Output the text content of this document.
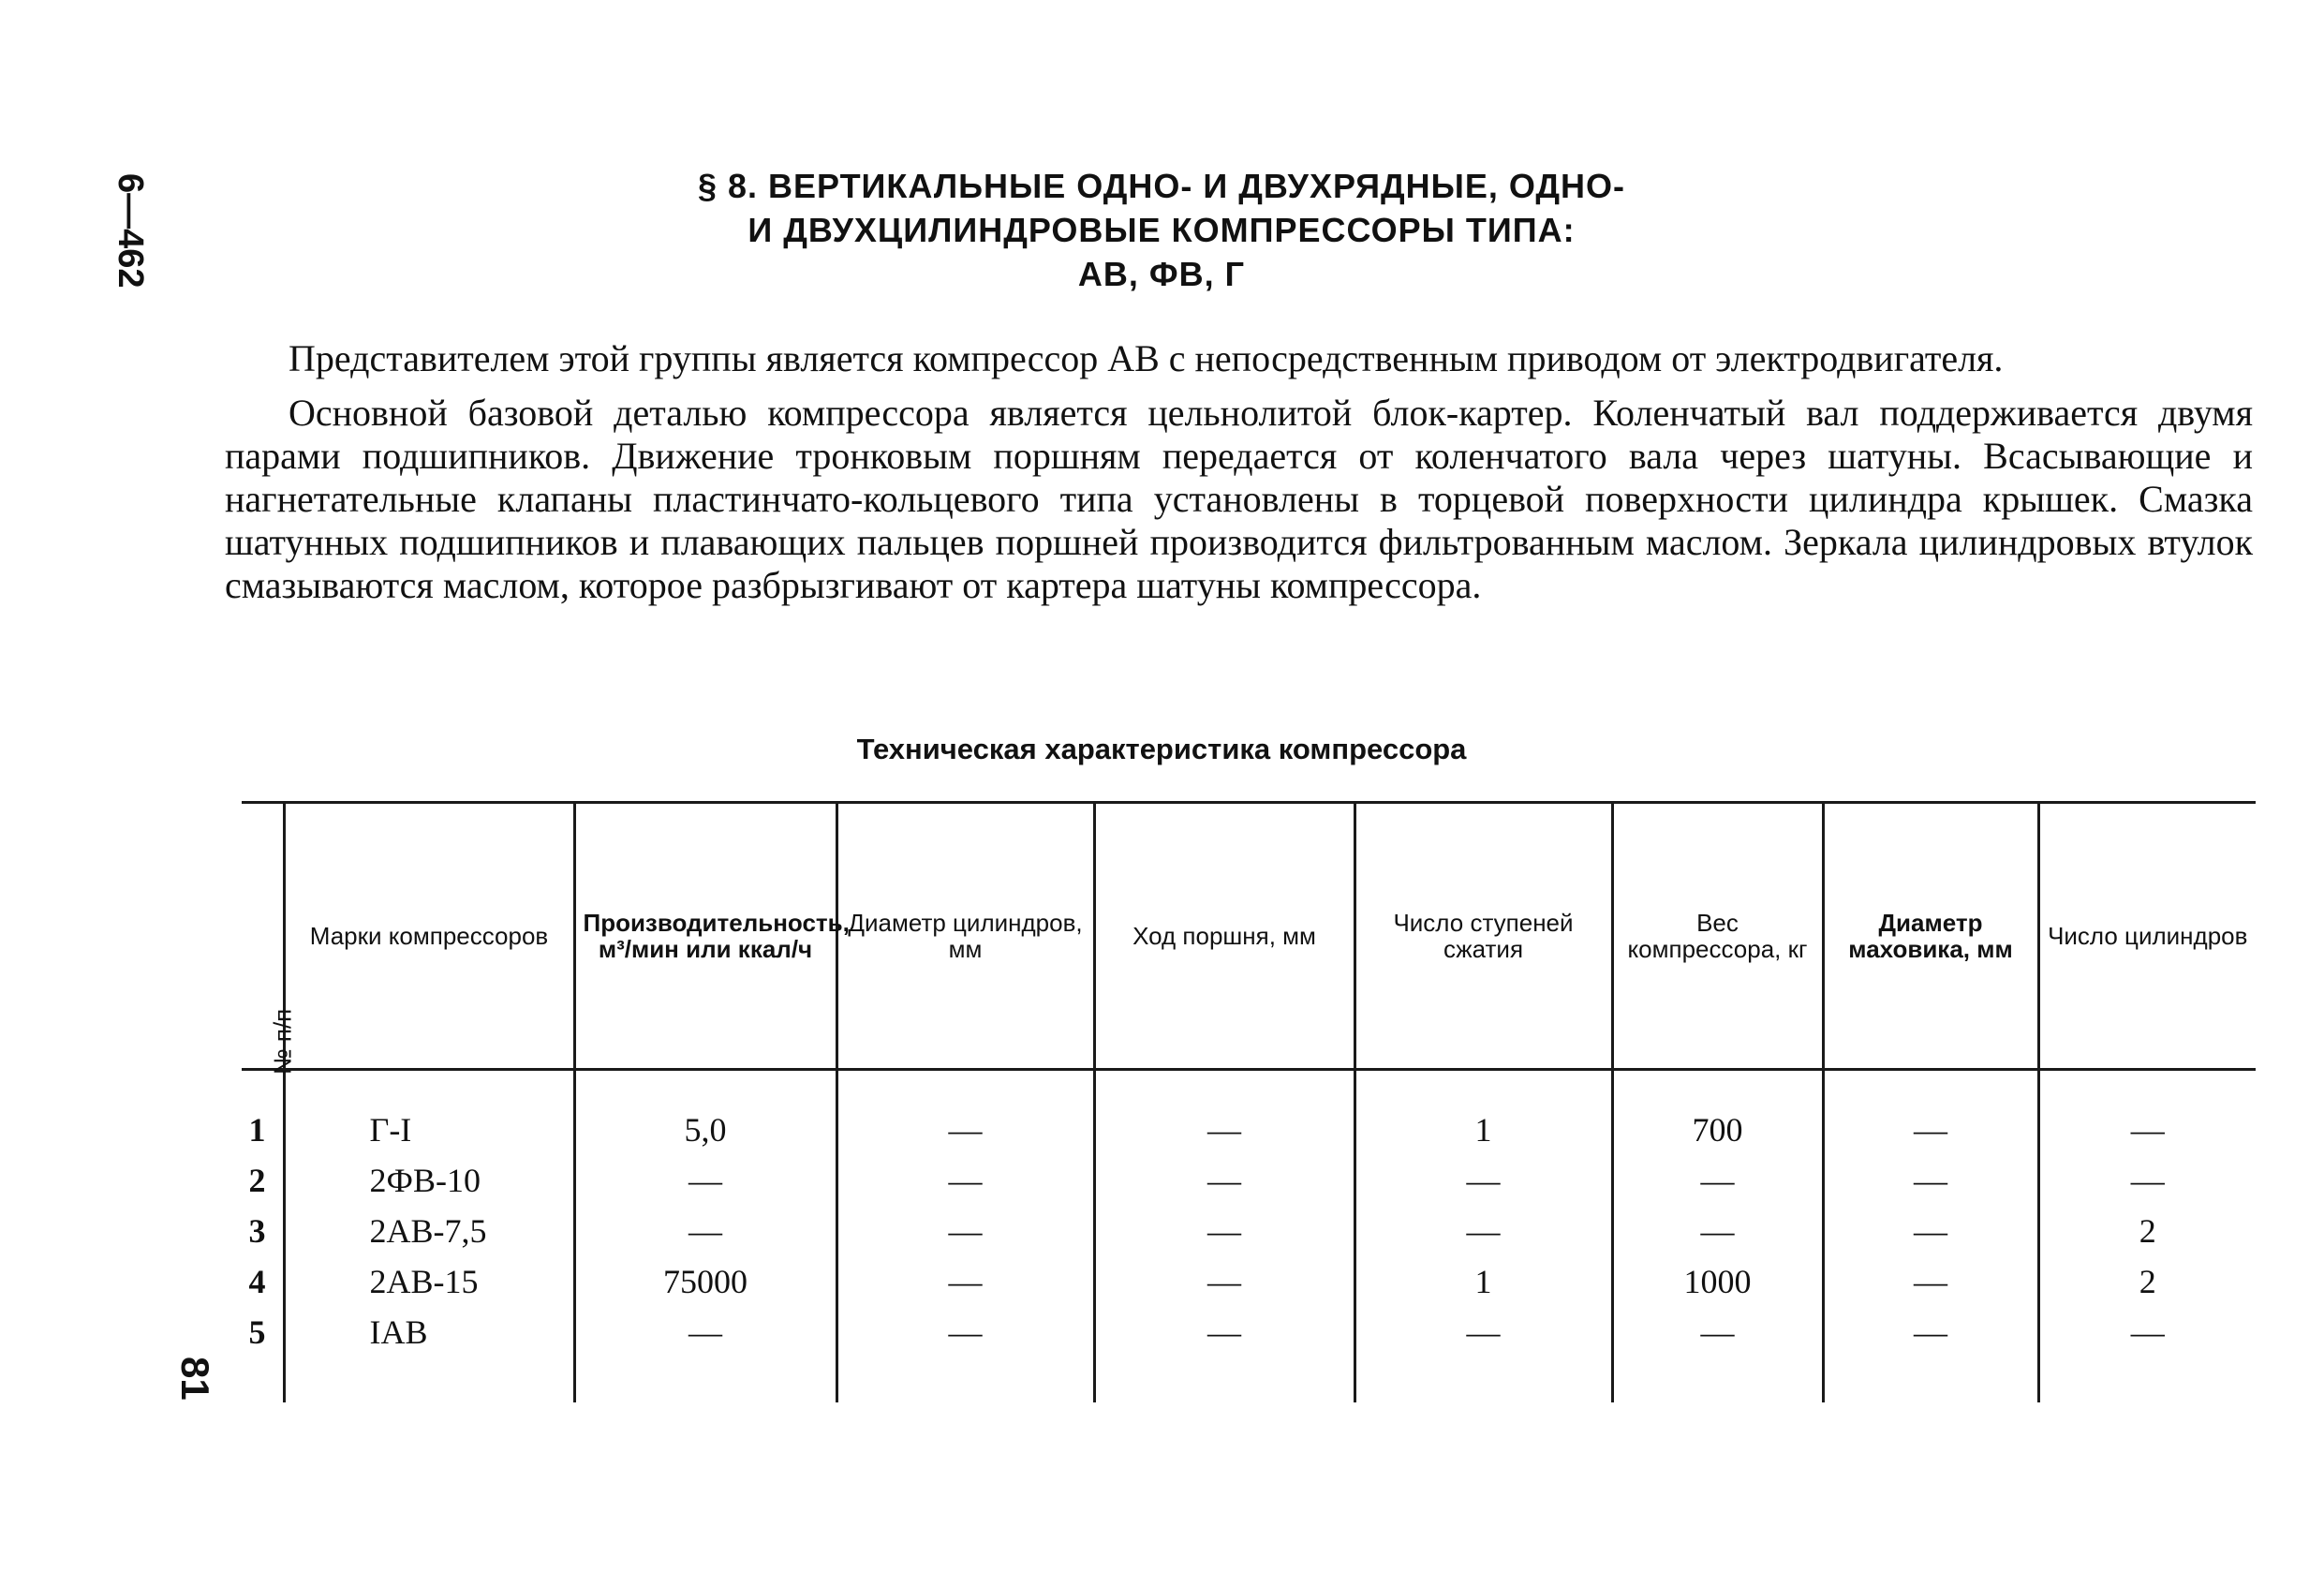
6—462	§ 8. ВЕРТИКАЛЬНЫЕ ОДНО- И ДВУХРЯДНЫЕ, ОДНО-
И ДВУХЦИЛИНДРОВЫЕ КОМПРЕССОРЫ ТИПА:
АВ, ФВ, Г

Представителем этой группы является компрессор АВ с непосредственным приводом от электродвигателя.

Основной базовой деталью компрессора является цельнолитой блок-картер. Коленчатый вал поддерживается двумя парами подшипников. Движение тронковым поршням передается от коленчатого вала через шатуны. Всасывающие и нагнетательные клапаны пластинчато-кольцевого типа установлены в торцевой поверхности цилиндра крышек. Смазка шатунных подшипников и плавающих пальцев поршней производится фильтрованным маслом. Зеркала цилиндровых втулок смазываются маслом, которое разбрызгивают от картера шатуны компрессора.

Техническая характеристика компрессора
№ п/п	Марки компрессоров	Производительность, м³/мин или ккал/ч	Диаметр цилиндров, мм	Ход поршня, мм	Число ступеней сжатия	Вес компрессора, кг	Диаметр маховика, мм	Число цилиндров

1	Г-I	5,0	—	—	1	700	—	—
2	2ФВ-10	—	—	—	—	—	—	—
3	2АВ-7,5	—	—	—	—	—	—	2
4	2АВ-15	75000	—	—	1	1000	—	2
5	IАВ	—	—	—	—	—	—	—

81
